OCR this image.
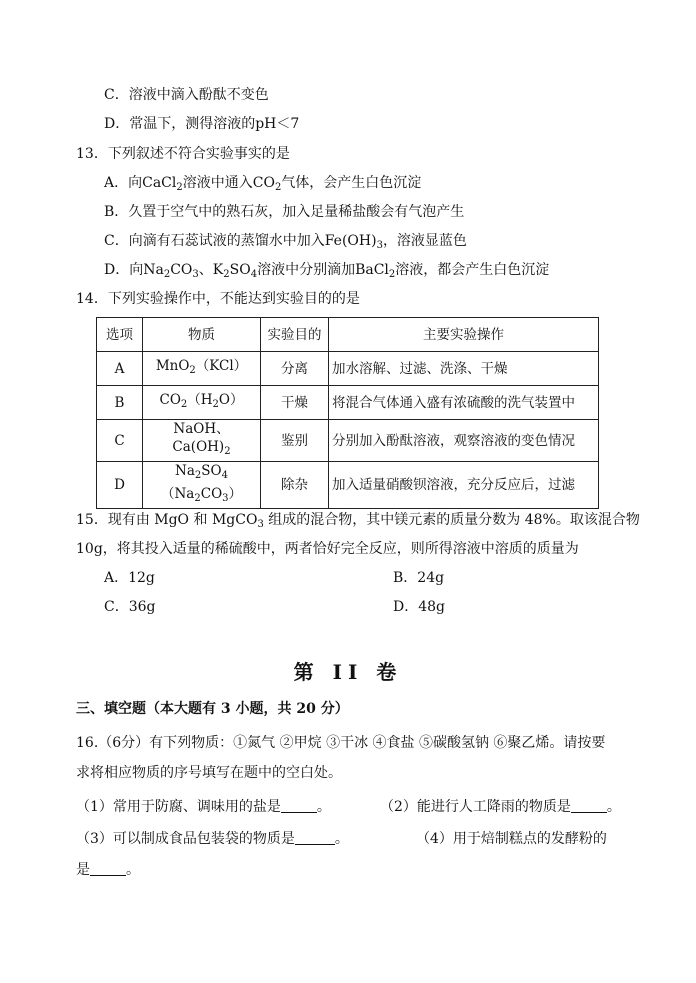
C．溶液中滴入酚酞不变色
D．常温下，测得溶液的pH＜7
13．下列叙述不符合实验事实的是
A．向CaCl$_2$溶液中通入$CO_2$气体，会产生白色沉淀
B．久置于空气中的熟石灰，加入足量稀盐酸会有气泡产生
C．向滴有石蕊试液的蒸馏水中加入$Fe(OH)_3$，溶液显蓝色
D．向$Na_2CO_3$、$K_2SO_4$溶液中分别滴加BaCl$_2$溶液，都会产生白色沉淀
14．下列实验操作中，不能达到实验目的的是
选项	物质	实验目的	主要实验操作
A	MnO$_2$（KCl）	分离	加水溶解、过滤、洗涤、干燥
B	$CO_2(H_2O)$	干燥	将混合气体通入盛有浓硫酸的洗气装置中
C	NaOH、$Ca(OH)_2$	鉴别	分别加入酚酞溶液，观察溶液的变色情况
D	$Na_2SO_4(Na_2CO_3)$	除杂	加入适量硝酸钡溶液，充分反应后，过滤
15．现有由 MgO 和 MgCO$_3$ 组成的混合物，其中镁元素的质量分数为 48%。取该混合物
10g，将其投入适量的稀硫酸中，两者恰好完全反应，则所得溶液中溶质的质量为
A．12g	B．24g
C．36g	D．48g
第 II 卷
三、填空题（本大题有 3 小题，共 20 分）
16.（6分）有下列物质：①氮气 ②甲烷 ③干冰 ④食盐 ⑤碳酸氢钠 ⑥聚乙烯。请按要
求将相应物质的序号填写在题中的空白处。
（1）常用于防腐、调味用的盐是	。	（2）能进行人工降雨的物质是	。
（3）可以制成食品包装袋的物质是	。	（4）用于焙制糕点的发酵粉的
是	。
